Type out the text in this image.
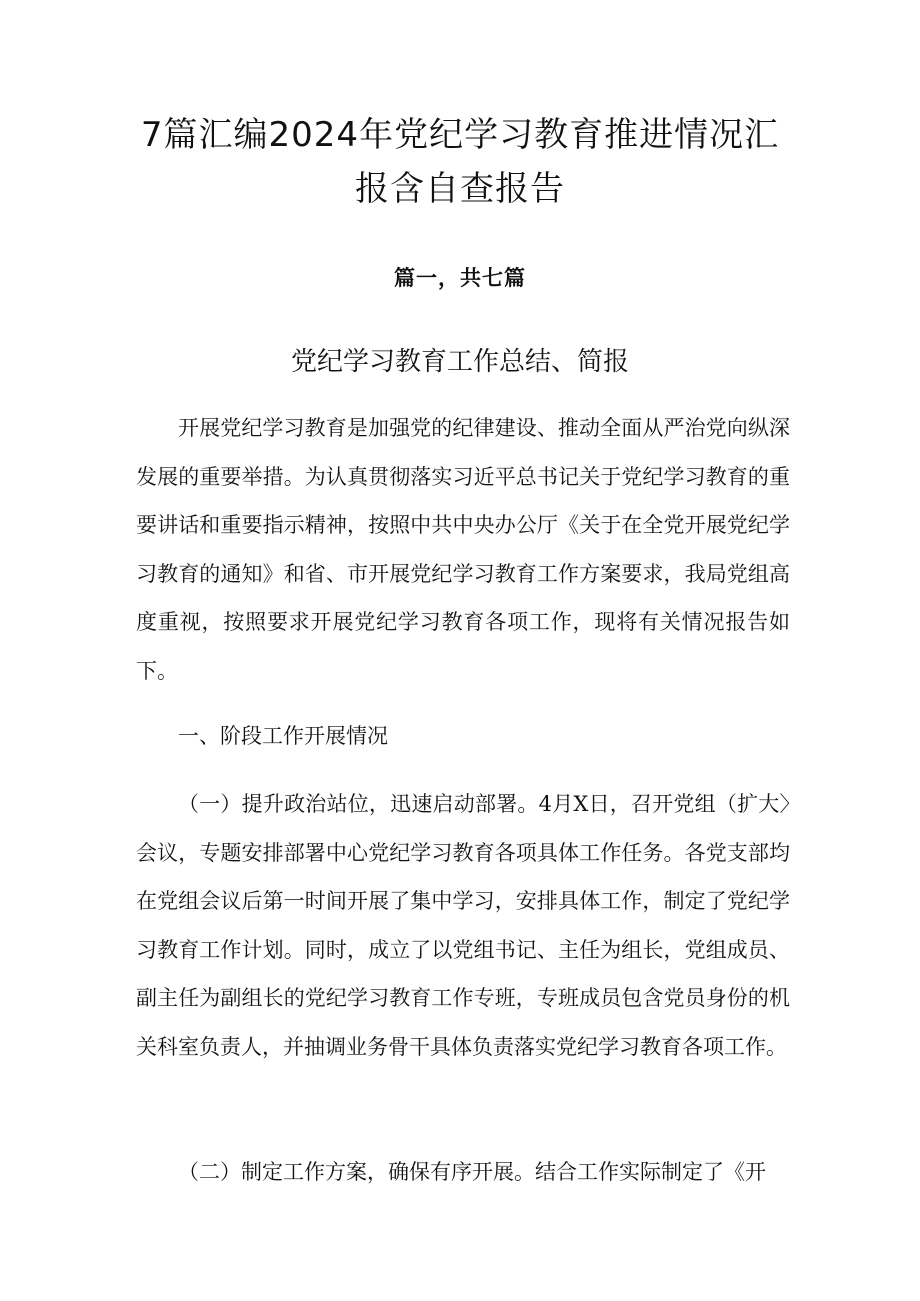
7篇汇编2024年党纪学习教育推进情况汇
报含自查报告
篇一，共七篇
党纪学习教育工作总结、简报

开展党纪学习教育是加强党的纪律建设、推动全面从严治党向纵深发展的重要举措。为认真贯彻落实习近平总书记关于党纪学习教育的重要讲话和重要指示精神，按照中共中央办公厅《关于在全党开展党纪学习教育的通知》和省、市开展党纪学习教育工作方案要求，我局党组高度重视，按照要求开展党纪学习教育各项工作，现将有关情况报告如下。

一、阶段工作开展情况

（一）提升政治站位，迅速启动部署。4月X日，召开党组（扩大〉会议，专题安排部署中心党纪学习教育各项具体工作任务。各党支部均在党组会议后第一时间开展了集中学习，安排具体工作，制定了党纪学习教育工作计划。同时，成立了以党组书记、主任为组长，党组成员、副主任为副组长的党纪学习教育工作专班，专班成员包含党员身份的机关科室负责人，并抽调业务骨干具体负责落实党纪学习教育各项工作。

（二）制定工作方案，确保有序开展。结合工作实际制定了《开
